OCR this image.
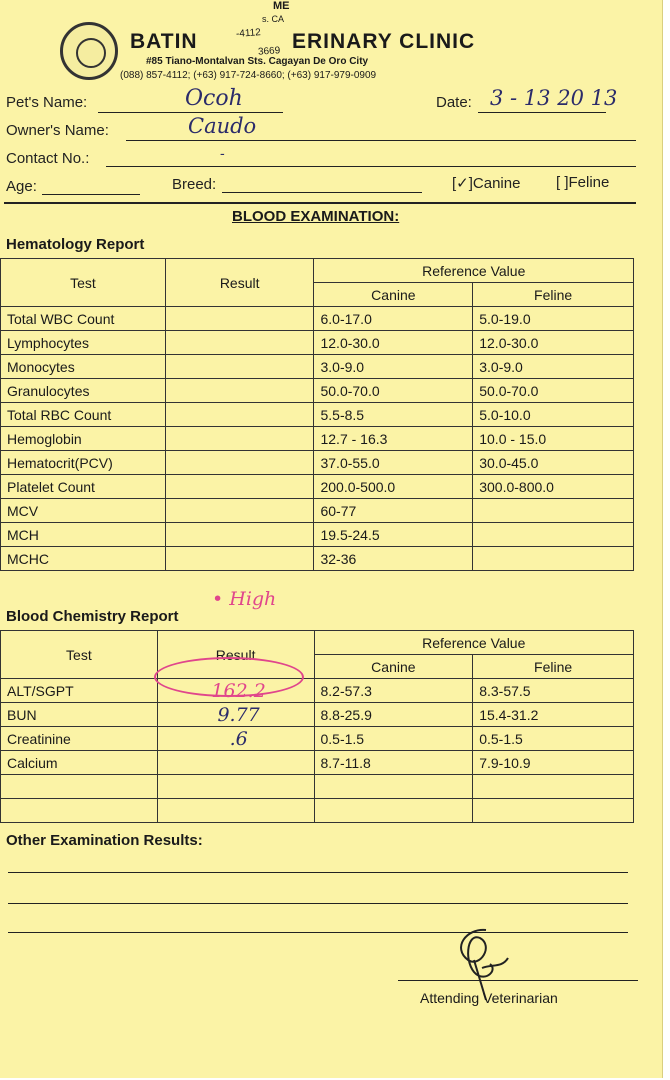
ME
s. CA
BATIN	-4112
3669 ERINARY CLINIC
#85 Tiano-Montalvan Sts. Cagayan De Oro City
(088) 857-4112; (+63) 917-724-8660; (+63) 917-979-0909
Pet's Name:	Ocoh	Date: 3 - 13 20 13
Owner's Name:	Caudo
Contact No.:	-
Age:	Breed:	[✓]Canine [ ]Feline
BLOOD EXAMINATION:
Hematology Report
Test	Result	Reference Value	
		Canine	Feline
Total WBC Count		6.0-17.0	5.0-19.0
Lymphocytes		12.0-30.0	12.0-30.0
Monocytes		3.0-9.0	3.0-9.0
Granulocytes		50.0-70.0	50.0-70.0
Total RBC Count		5.5-8.5	5.0-10.0
Hemoglobin		12.7 - 16.3	10.0 - 15.0
Hematocrit(PCV)		37.0-55.0	30.0-45.0
Platelet Count		200.0-500.0	300.0-800.0
MCV		60-77	
MCH		19.5-24.5	
MCHC		32-36	
• High
Blood Chemistry Report
Test	Result	Reference Value	
		Canine	Feline
ALT/SGPT	162.2	8.2-57.3	8.3-57.5
BUN	9.77	8.8-25.9	15.4-31.2
Creatinine	.6	0.5-1.5	0.5-1.5
Calcium		8.7-11.8	7.9-10.9

Other Examination Results:
Attending Veterinarian
